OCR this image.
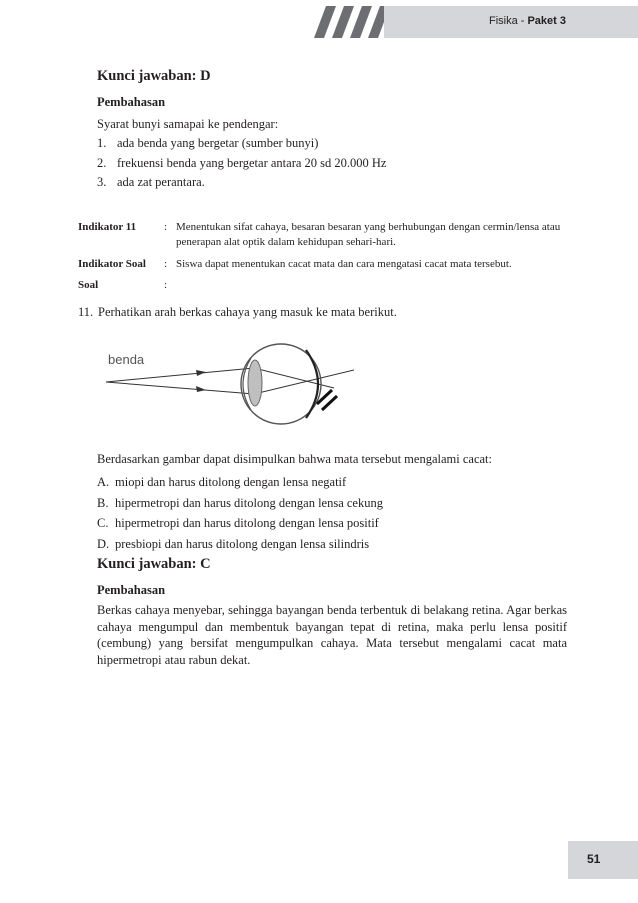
Fisika - Paket 3
Kunci jawaban: D
Pembahasan
Syarat bunyi samapai ke pendengar:
1. ada benda yang bergetar (sumber bunyi)
2. frekuensi benda yang bergetar antara 20 sd 20.000 Hz
3. ada zat perantara.
Indikator 11	:	Menentukan sifat cahaya, besaran besaran yang berhubungan dengan cermin/lensa atau penerapan alat optik dalam kehidupan sehari-hari.

Indikator Soal	:	Siswa dapat menentukan cacat mata dan cara mengatasi cacat mata tersebut.

Soal	:	
11. Perhatikan arah berkas cahaya yang masuk ke mata berikut.
benda
Berdasarkan gambar dapat disimpulkan bahwa mata tersebut mengalami cacat:
A. miopi dan harus ditolong dengan lensa negatif
B. hipermetropi dan harus ditolong dengan lensa cekung
C. hipermetropi dan harus ditolong dengan lensa positif
D. presbiopi dan harus ditolong dengan lensa silindris
Kunci jawaban: C
Pembahasan
Berkas cahaya menyebar, sehingga bayangan benda terbentuk di belakang retina. Agar berkas cahaya mengumpul dan membentuk bayangan tepat di retina, maka perlu lensa positif (cembung) yang bersifat mengumpulkan cahaya. Mata tersebut mengalami cacat mata hipermetropi atau rabun dekat.
51
